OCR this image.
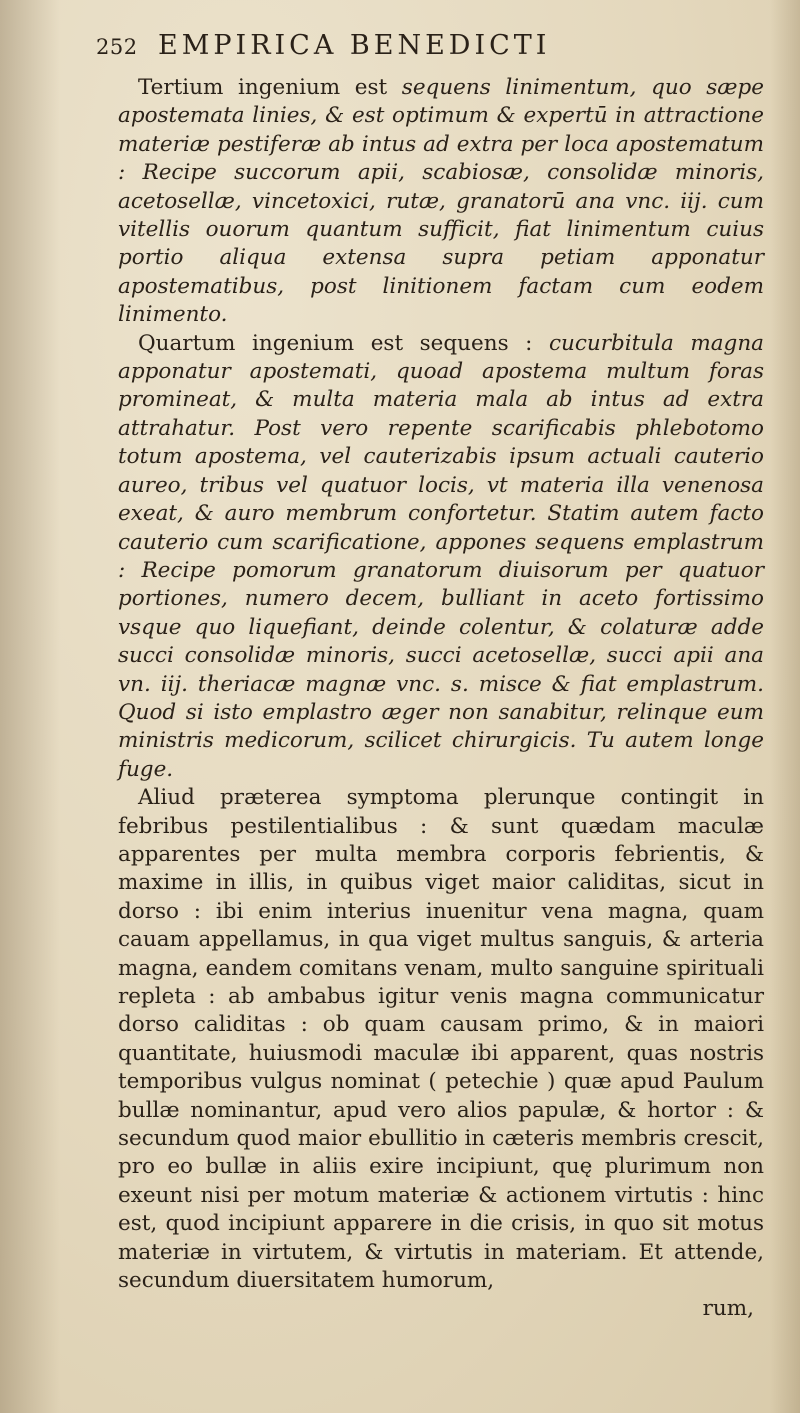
252 EMPIRICA BENEDICTI

Tertium ingenium est sequens linimentum, quo sæpe apostemata linies, & est optimum & expertū in attractione materiæ pestiferæ ab intus ad extra per loca apostematum : Recipe succorum apii, scabiosæ, consolidæ minoris, acetosellæ, vincetoxici, rutæ, granatorū ana vnc. iij. cum vitellis ouorum quantum sufficit, fiat linimentum cuius portio aliqua extensa supra petiam apponatur apostematibus, post linitionem factam cum eodem linimento.

Quartum ingenium est sequens : cucurbitula magna apponatur apostemati, quoad apostema multum foras promineat, & multa materia mala ab intus ad extra attrahatur. Post vero repente scarificabis phlebotomo totum apostema, vel cauterizabis ipsum actuali cauterio aureo, tribus vel quatuor locis, vt materia illa venenosa exeat, & auro membrum confortetur. Statim autem facto cauterio cum scarificatione, appones sequens emplastrum : Recipe pomorum granatorum diuisorum per quatuor portiones, numero decem, bulliant in aceto fortissimo vsque quo liquefiant, deinde colentur, & colaturæ adde succi consolidæ minoris, succi acetosellæ, succi apii ana vn. iij. theriacæ magnæ vnc. s. misce & fiat emplastrum. Quod si isto emplastro æger non sanabitur, relinque eum ministris medicorum, scilicet chirurgicis. Tu autem longe fuge.

Aliud præterea symptoma plerunque contingit in febribus pestilentialibus : & sunt quædam maculæ apparentes per multa membra corporis febrientis, & maxime in illis, in quibus viget maior caliditas, sicut in dorso : ibi enim interius inuenitur vena magna, quam cauam appellamus, in qua viget multus sanguis, & arteria magna, eandem comitans venam, multo sanguine spirituali repleta : ab ambabus igitur venis magna communicatur dorso caliditas : ob quam causam primo, & in maiori quantitate, huiusmodi maculæ ibi apparent, quas nostris temporibus vulgus nominat ( petechie ) quæ apud Paulum bullæ nominantur, apud vero alios papulæ, & hortor : & secundum quod maior ebullitio in cæteris membris crescit, pro eo bullæ in aliis exire incipiunt, quę plurimum non exeunt nisi per motum materiæ & actionem virtutis : hinc est, quod incipiunt apparere in die crisis, in quo sit motus materiæ in virtutem, & virtutis in materiam. Et attende, secundum diuersitatem humorum,

rum,
